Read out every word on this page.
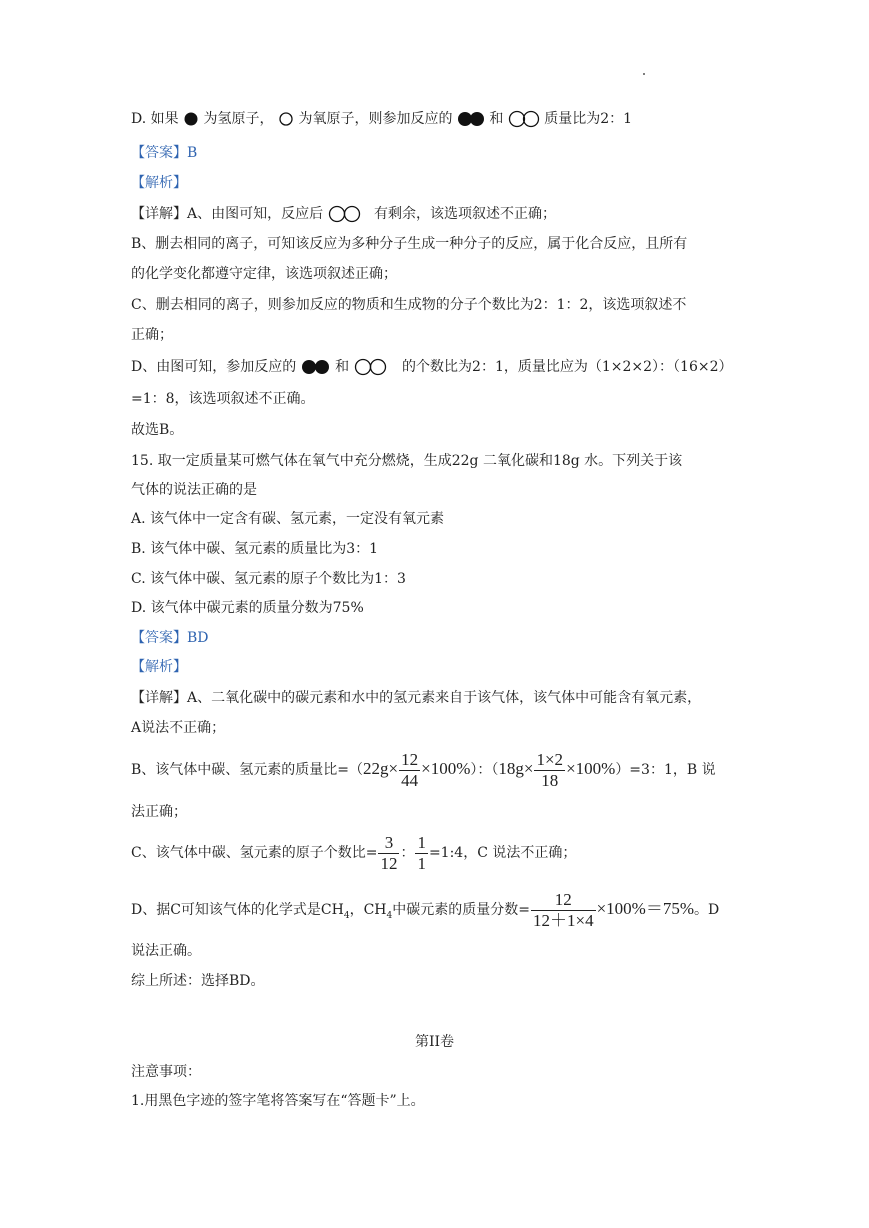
D. 如果 为氢原子， 为氧原子，则参加反应的	和	质量比为2：1
【答案】B
【解析】
【详解】A、由图可知，反应后	有剩余，该选项叙述不正确；
B、删去相同的离子，可知该反应为多种分子生成一种分子的反应，属于化合反应，且所有
的化学变化都遵守定律，该选项叙述正确；
C、删去相同的离子，则参加反应的物质和生成物的分子个数比为2：1：2，该选项叙述不
正确；
D、由图可知，参加反应的	和	的个数比为2：1，质量比应为（1×2×2）：（16×2）
=1：8，该选项叙述不正确。
故选B。
15. 取一定质量某可燃气体在氧气中充分燃烧，生成22g 二氧化碳和18g 水。下列关于该
气体的说法正确的是
A. 该气体中一定含有碳、氢元素，一定没有氧元素
B. 该气体中碳、氢元素的质量比为3：1
C. 该气体中碳、氢元素的原子个数比为1：3
D. 该气体中碳元素的质量分数为75%
【答案】BD
【解析】
【详解】A、二氧化碳中的碳元素和水中的氢元素来自于该气体，该气体中可能含有氧元素，
A说法不正确；
B、该气体中碳、氢元素的质量比$=(22g\times \frac{12}{44} \times 100\%)$：$(18g\times \frac{1\times 2}{18} \times 100\%)=3$：1，B 说
法正确；
C、该气体中碳、氢元素的原子个数比= $\frac{3}{12}$ ： $\frac{1}{1}$ =1:4，C 说法不正确；
D、据C可知该气体的化学式是$CH_4$，$CH_4$中碳元素的质量分数= $\frac{12}{12+1\times 4} \times 100\%=75\%$。D
说法正确。
综上所述：选择BD。
第II卷
注意事项：
1.用黑色字迹的签字笔将答案写在“答题卡”上。
